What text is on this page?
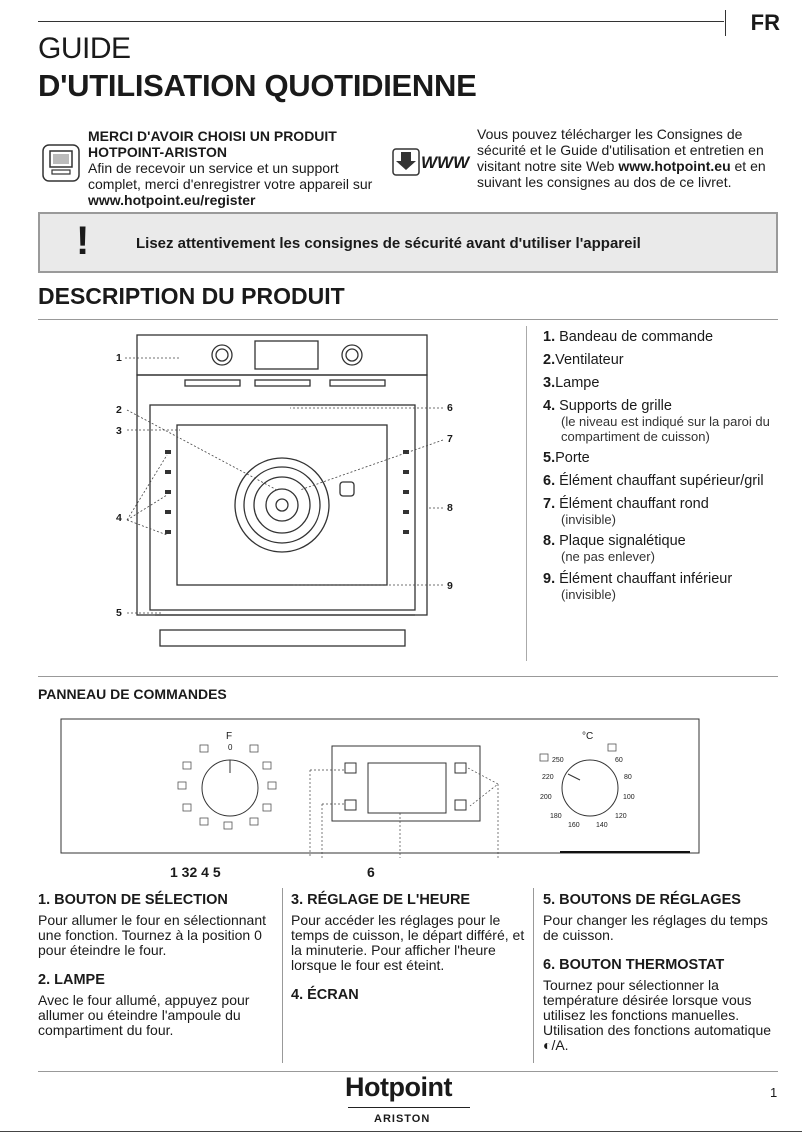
FR
GUIDE
D'UTILISATION QUOTIDIENNE
MERCI D'AVOIR CHOISI UN PRODUIT HOTPOINT-ARISTON
Afin de recevoir un service et un support complet, merci d'enregistrer votre appareil sur www.hotpoint.eu/register
WWW
Vous pouvez télécharger les Consignes de sécurité et le Guide d'utilisation et entretien en visitant notre site Web www.hotpoint.eu et en suivant les consignes au dos de ce livret.
!	Lisez attentivement les consignes de sécurité avant d'utiliser l'appareil
DESCRIPTION DU PRODUIT
1
2
3
4
5
6
7
8
9
1. Bandeau de commande
2.Ventilateur
3.Lampe
4. Supports de grille
(le niveau est indiqué sur la paroi du compartiment de cuisson)
5.Porte
6. Élément chauffant supérieur/gril
7. Élément chauffant rond
(invisible)
8. Plaque signalétique
(ne pas enlever)
9. Élément chauffant inférieur
(invisible)
PANNEAU DE COMMANDES
F
0
°C
250	60
220	80
200	100
180	120
160 140
1 32 4 5	6
1. BOUTON DE SÉLECTION

Pour allumer le four en sélectionnant une fonction. Tournez à la position 0 pour éteindre le four.

2. LAMPE

Avec le four allumé, appuyez pour allumer ou éteindre l'ampoule du compartiment du four.

3. RÉGLAGE DE L'HEURE

Pour accéder les réglages pour le temps de cuisson, le départ différé, et la minuterie. Pour afficher l'heure lorsque le four est éteint.

4. ÉCRAN
5. BOUTONS DE RÉGLAGES

Pour changer les réglages du temps de cuisson.

6. BOUTON THERMOSTAT

Tournez pour sélectionner la température désirée lorsque vous utilisez les fonctions manuelles. Utilisation des fonctions automatique ◐/A.

Hotpoint
ARISTON
1
